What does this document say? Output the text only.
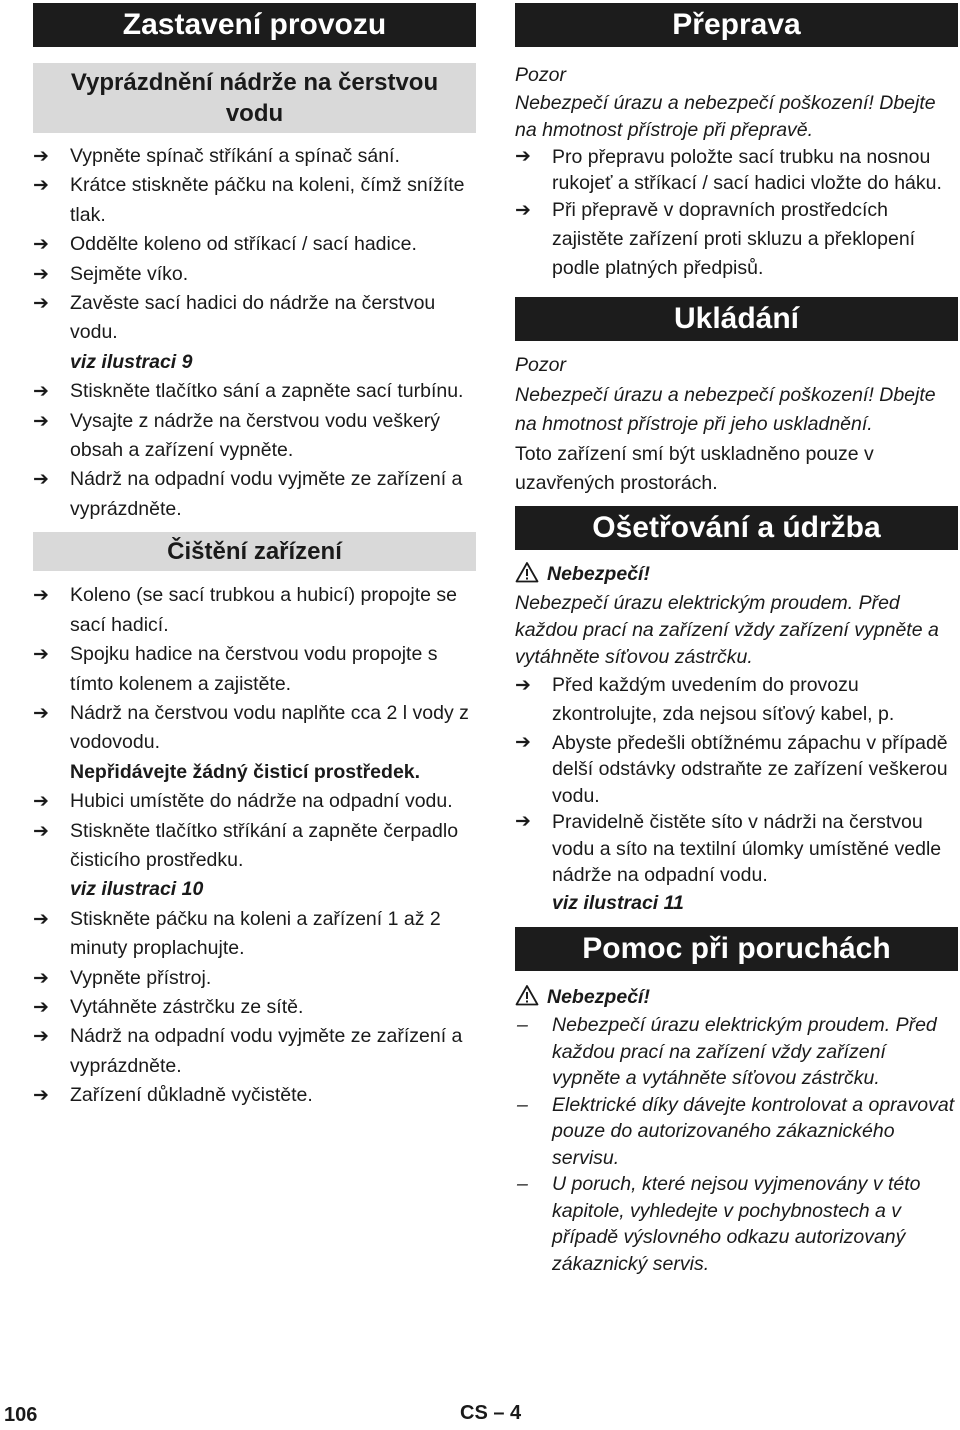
Zastavení provozu
Vyprázdnění nádrže na čerstvou vodu
➔ Vypněte spínač stříkání a spínač sání.
➔ Krátce stiskněte páčku na koleni, čímž snížíte tlak.
➔ Oddělte koleno od stříkací / sací hadice.
➔ Sejměte víko.
➔ Zavěste sací hadici do nádrže na čerstvou vodu.

viz ilustraci 9

➔ Stiskněte tlačítko sání a zapněte sací turbínu.
➔ Vysajte z nádrže na čerstvou vodu veškerý obsah a zařízení vypněte.
➔ Nádrž na odpadní vodu vyjměte ze zařízení a vyprázdněte.
Čištění zařízení
➔ Koleno (se sací trubkou a hubicí) propojte se sací hadicí.
➔ Spojku hadice na čerstvou vodu propojte s tímto kolenem a zajistěte.
➔ Nádrž na čerstvou vodu naplňte cca 2 l vody z vodovodu.

Nepřidávejte žádný čisticí prostředek.

➔ Hubici umístěte do nádrže na odpadní vodu.
➔ Stiskněte tlačítko stříkání a zapněte čerpadlo čisticího prostředku.

viz ilustraci 10

➔ Stiskněte páčku na koleni a zařízení 1 až 2 minuty proplachujte.
➔ Vypněte přístroj.
➔ Vytáhněte zástrčku ze sítě.
➔ Nádrž na odpadní vodu vyjměte ze zařízení a vyprázdněte.
➔ Zařízení důkladně vyčistěte.
Přeprava

Pozor

Nebezpečí úrazu a nebezpečí poškození! Dbejte na hmotnost přístroje při přepravě.

➔ Pro přepravu položte sací trubku na nosnou rukojeť a stříkací / sací hadici vložte do háku.
➔ Při přepravě v dopravních prostředcích zajistěte zařízení proti skluzu a překlopení podle platných předpisů.
Ukládání

Pozor

Nebezpečí úrazu a nebezpečí poškození! Dbejte na hmotnost přístroje při jeho uskladnění.

Toto zařízení smí být uskladněno pouze v uzavřených prostorách.

Ošetřování a údržba

Nebezpečí!

Nebezpečí úrazu elektrickým proudem. Před každou prací na zařízení vždy zařízení vypněte a vytáhněte síťovou zástrčku.

➔ Před každým uvedením do provozu zkontrolujte, zda nejsou síťový kabel, p.
➔ Abyste předešli obtížnému zápachu v případě delší odstávky odstraňte ze zařízení veškerou vodu.
➔ Pravidelně čistěte síto v nádrži na čerstvou vodu a síto na textilní úlomky umístěné vedle nádrže na odpadní vodu.

viz ilustraci 11

Pomoc při poruchách

Nebezpečí!

– Nebezpečí úrazu elektrickým proudem. Před každou prací na zařízení vždy zařízení vypněte a vytáhněte síťovou zástrčku.
– Elektrické díky dávejte kontrolovat a opravovat pouze do autorizovaného zákaznického servisu.
– U poruch, které nejsou vyjmenovány v této kapitole, vyhledejte v pochybnostech a v případě výslovného odkazu autorizovaný zákaznický servis.
106	CS – 4
